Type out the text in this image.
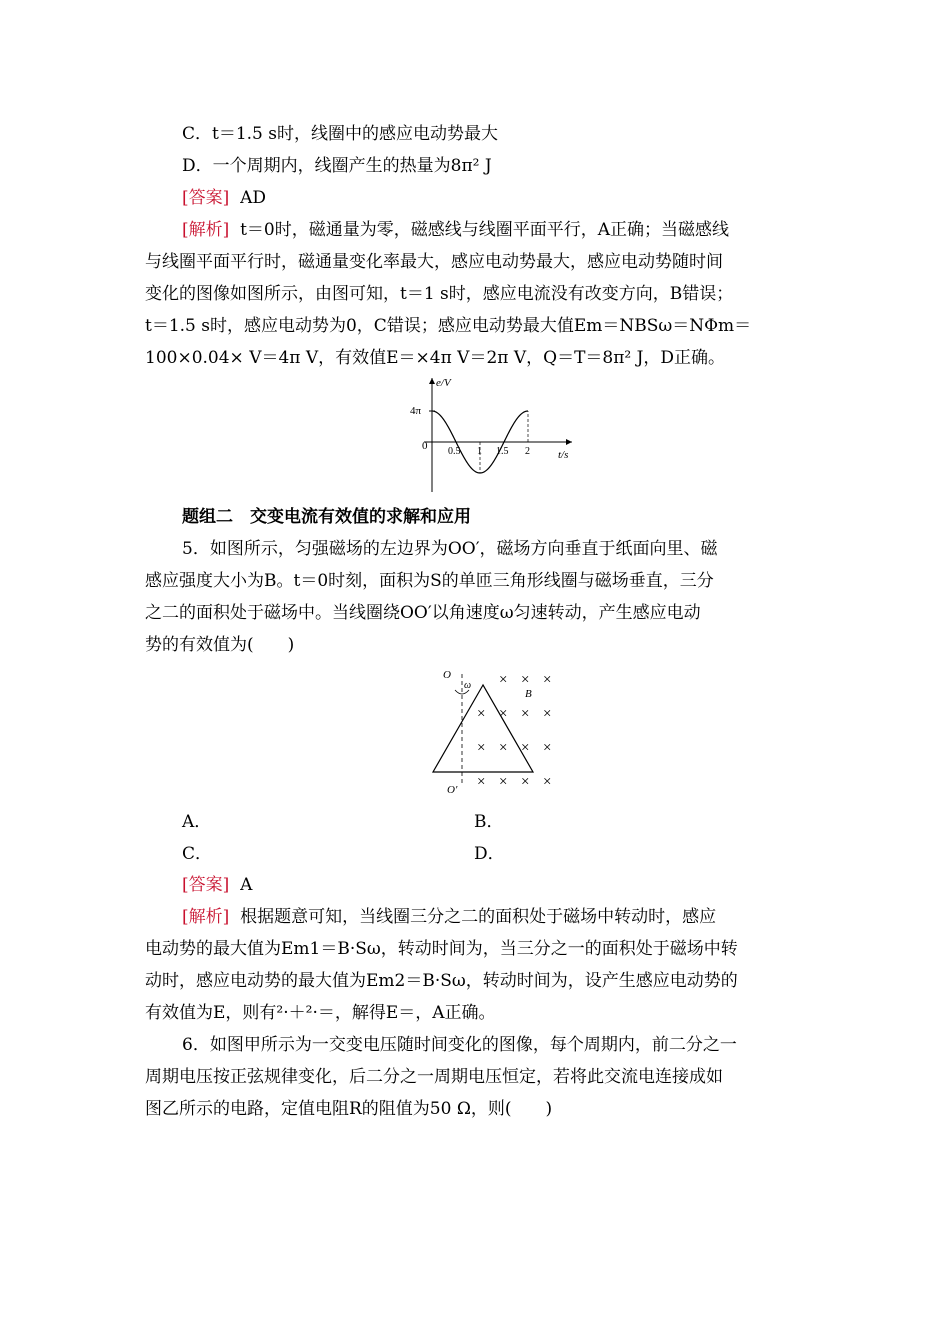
C．t＝1.5 s时，线圈中的感应电动势最大
D．一个周期内，线圈产生的热量为8π² J
[答案] AD
[解析] t＝0时，磁通量为零，磁感线与线圈平面平行，A正确；当磁感线
与线圈平面平行时，磁通量变化率最大，感应电动势最大，感应电动势随时间
变化的图像如图所示，由图可知，t＝1 s时，感应电流没有改变方向，B错误；
t＝1.5 s时，感应电动势为0，C错误；感应电动势最大值Em＝NBSω＝NΦm＝
100×0.04× V＝4π V，有效值E＝×4π V＝2π V，Q＝T＝8π² J，D正确。
e/V
4π
0
t/s
0.5 1 1.5 2
题组二　交变电流有效值的求解和应用
5．如图所示，匀强磁场的左边界为OO′，磁场方向垂直于纸面向里、磁
感应强度大小为B。t＝0时刻，面积为S的单匝三角形线圈与磁场垂直，三分
之二的面积处于磁场中。当线圈绕OO′以角速度ω匀速转动，产生感应电动
势的有效值为(　　)
O
O′
ω
B
× × ×
× × × ×
× × × ×
× × × ×
A．	B．
C．	D．
[答案] A
[解析] 根据题意可知，当线圈三分之二的面积处于磁场中转动时，感应
电动势的最大值为Em1＝B·Sω，转动时间为，当三分之一的面积处于磁场中转
动时，感应电动势的最大值为Em2＝B·Sω，转动时间为，设产生感应电动势的
有效值为E，则有²·＋²·＝，解得E＝，A正确。
6．如图甲所示为一交变电压随时间变化的图像，每个周期内，前二分之一
周期电压按正弦规律变化，后二分之一周期电压恒定，若将此交流电连接成如
图乙所示的电路，定值电阻R的阻值为50 Ω，则(　　)
